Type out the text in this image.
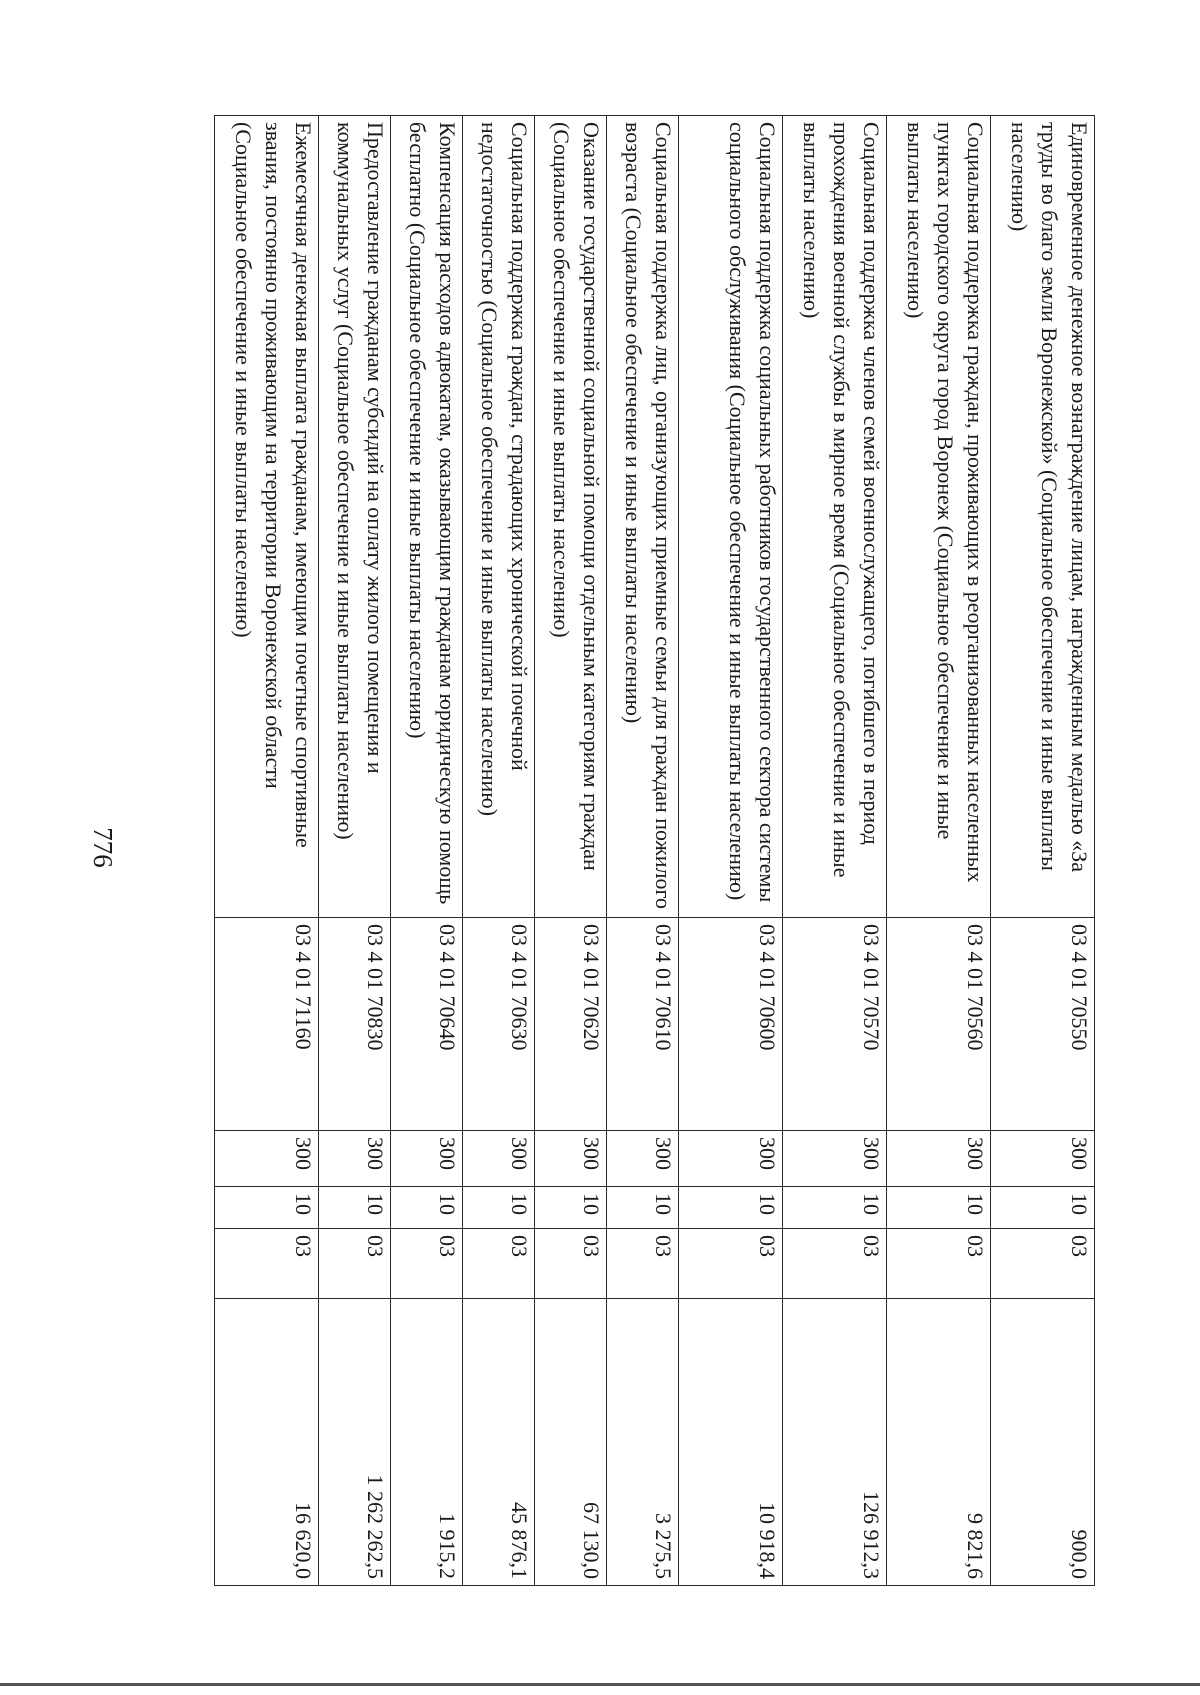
776	Единовременное денежное вознаграждение лицам, награжденным медалью «За труды во благо земли Воронежской» (Социальное обеспечение и иные выплаты населению)	03 4 01 70550	300	10	03	900,0
Социальная поддержка граждан, проживающих в реорганизованных населенных пунктах городского округа город Воронеж (Социальное обеспечение и иные выплаты населению)	03 4 01 70560	300	10	03	9 821,6
Социальная поддержка членов семей военнослужащего, погибшего в период прохождения военной службы в мирное время (Социальное обеспечение и иные выплаты населению)	03 4 01 70570	300	10	03	126 912,3
Социальная поддержка социальных работников государственного сектора системы социального обслуживания (Социальное обеспечение и иные выплаты населению)	03 4 01 70600	300	10	03	10 918,4
Социальная поддержка лиц, организующих приемные семьи для граждан пожилого возраста (Социальное обеспечение и иные выплаты населению)	03 4 01 70610	300	10	03	3 275,5
Оказание государственной социальной помощи отдельным категориям граждан (Социальное обеспечение и иные выплаты населению)	03 4 01 70620	300	10	03	67 130,0
Социальная поддержка граждан, страдающих хронической почечной недостаточностью (Социальное обеспечение и иные выплаты населению)	03 4 01 70630	300	10	03	45 876,1
Компенсация расходов адвокатам, оказывающим гражданам юридическую помощь бесплатно (Социальное обеспечение и иные выплаты населению)	03 4 01 70640	300	10	03	1 915,2
Предоставление гражданам субсидий на оплату жилого помещения и коммунальных услуг (Социальное обеспечение и иные выплаты населению)	03 4 01 70830	300	10	03	1 262 262,5
Ежемесячная денежная выплата гражданам, имеющим почетные спортивные звания, постоянно проживающим на территории Воронежской области (Социальное обеспечение и иные выплаты населению)	03 4 01 71160	300	10	03	16 620,0
